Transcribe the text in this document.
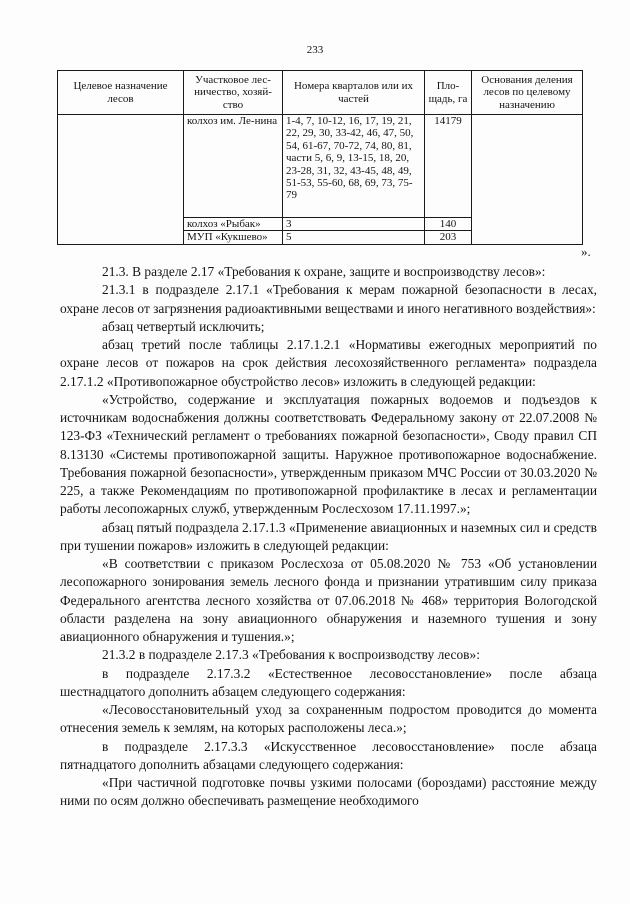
233
Целевое назначение лесов	Участковое лес-ничество, хозяй-ство	Номера кварталов или их частей	Пло-щадь, га	Основания деления лесов по целевому назначению
	колхоз им. Ле-нина	1-4, 7, 10-12, 16, 17, 19, 21, 22, 29, 30, 33-42, 46, 47, 50, 54, 61-67, 70-72, 74, 80, 81, части 5, 6, 9, 13-15, 18, 20, 23-28, 31, 32, 43-45, 48, 49, 51-53, 55-60, 68, 69, 73, 75-79	14179	
	колхоз «Рыбак»	3	140	
	МУП «Кукшево»	5	203	
».

21.3. В разделе 2.17 «Требования к охране, защите и воспроизводству лесов»:

21.3.1 в подразделе 2.17.1 «Требования к мерам пожарной безопасности в лесах, охране лесов от загрязнения радиоактивными веществами и иного негативного воздействия»:

абзац четвертый исключить;

абзац третий после таблицы 2.17.1.2.1 «Нормативы ежегодных мероприятий по охране лесов от пожаров на срок действия лесохозяйственного регламента» подраздела 2.17.1.2 «Противопожарное обустройство лесов» изложить в следующей редакции:

«Устройство, содержание и эксплуатация пожарных водоемов и подъездов к источникам водоснабжения должны соответствовать Федеральному закону от 22.07.2008 № 123-ФЗ «Технический регламент о требованиях пожарной безопасности», Своду правил СП 8.13130 «Системы противопожарной защиты. Наружное противопожарное водоснабжение. Требования пожарной безопасности», утвержденным приказом МЧС России от 30.03.2020 № 225, а также Рекомендациям по противопожарной профилактике в лесах и регламентации работы лесопожарных служб, утвержденным Рослесхозом 17.11.1997.»;

абзац пятый подраздела 2.17.1.3 «Применение авиационных и наземных сил и средств при тушении пожаров» изложить в следующей редакции:

«В соответствии с приказом Рослесхоза от 05.08.2020 № 753 «Об установлении лесопожарного зонирования земель лесного фонда и признании утратившим силу приказа Федерального агентства лесного хозяйства от 07.06.2018 № 468» территория Вологодской области разделена на зону авиационного обнаружения и наземного тушения и зону авиационного обнаружения и тушения.»;

21.3.2 в подразделе 2.17.3 «Требования к воспроизводству лесов»:

в подразделе 2.17.3.2 «Естественное лесовосстановление» после абзаца шестнадцатого дополнить абзацем следующего содержания:

«Лесовосстановительный уход за сохраненным подростом проводится до момента отнесения земель к землям, на которых расположены леса.»;

в подразделе 2.17.3.3 «Искусственное лесовосстановление» после абзаца пятнадцатого дополнить абзацами следующего содержания:

«При частичной подготовке почвы узкими полосами (бороздами) расстояние между ними по осям должно обеспечивать размещение необходимого
